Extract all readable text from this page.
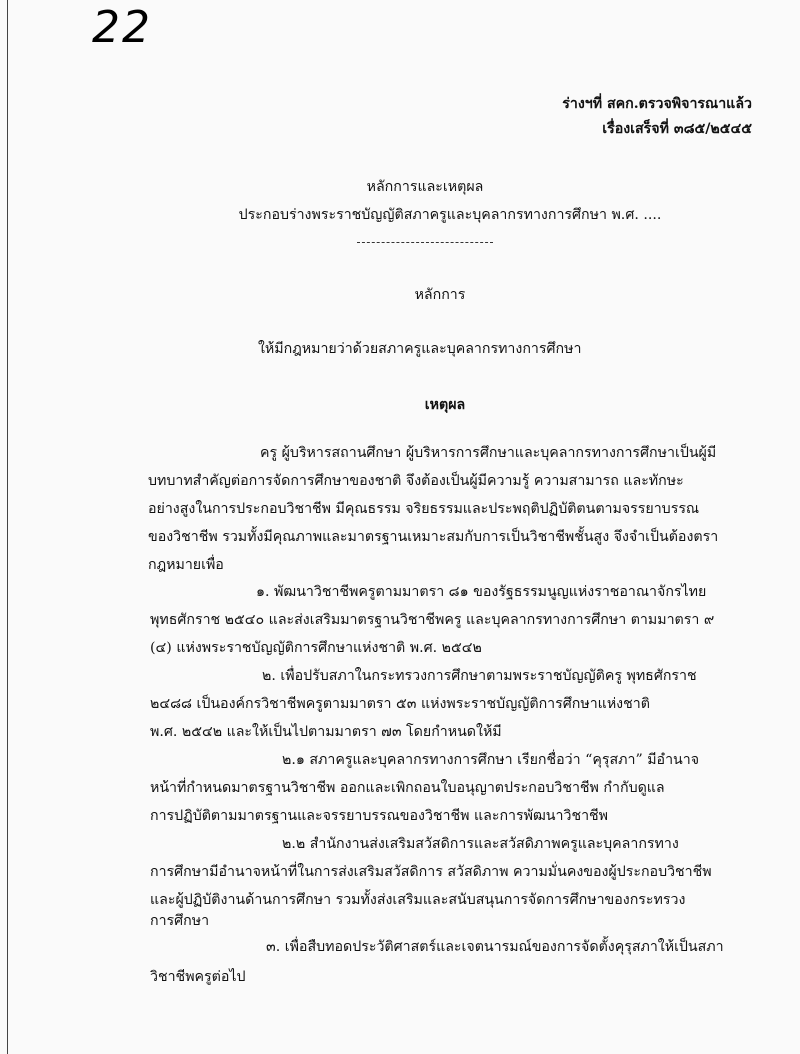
22
ร่างฯที่ สคก.ตรวจพิจารณาแล้ว
เรื่องเสร็จที่ ๓๘๕/๒๕๔๕
หลักการและเหตุผล
ประกอบร่างพระราชบัญญัติสภาครูและบุคลากรทางการศึกษา พ.ศ. ....
หลักการ
ให้มีกฎหมายว่าด้วยสภาครูและบุคลากรทางการศึกษา
เหตุผล
ครู ผู้บริหารสถานศึกษา ผู้บริหารการศึกษาและบุคลากรทางการศึกษาเป็นผู้มี
บทบาทสำคัญต่อการจัดการศึกษาของชาติ จึงต้องเป็นผู้มีความรู้ ความสามารถ และทักษะ
อย่างสูงในการประกอบวิชาชีพ มีคุณธรรม จริยธรรมและประพฤติปฏิบัติตนตามจรรยาบรรณ
ของวิชาชีพ รวมทั้งมีคุณภาพและมาตรฐานเหมาะสมกับการเป็นวิชาชีพชั้นสูง จึงจำเป็นต้องตรา
กฎหมายเพื่อ
๑. พัฒนาวิชาชีพครูตามมาตรา ๘๑ ของรัฐธรรมนูญแห่งราชอาณาจักรไทย
พุทธศักราช ๒๕๔๐ และส่งเสริมมาตรฐานวิชาชีพครู และบุคลากรทางการศึกษา ตามมาตรา ๙
(๔) แห่งพระราชบัญญัติการศึกษาแห่งชาติ พ.ศ. ๒๕๔๒
๒. เพื่อปรับสภาในกระทรวงการศึกษาตามพระราชบัญญัติครู พุทธศักราช
๒๔๘๘ เป็นองค์กรวิชาชีพครูตามมาตรา ๕๓ แห่งพระราชบัญญัติการศึกษาแห่งชาติ
พ.ศ. ๒๕๔๒ และให้เป็นไปตามมาตรา ๗๓ โดยกำหนดให้มี
๒.๑ สภาครูและบุคลากรทางการศึกษา เรียกชื่อว่า “คุรุสภา” มีอำนาจ
หน้าที่กำหนดมาตรฐานวิชาชีพ ออกและเพิกถอนใบอนุญาตประกอบวิชาชีพ กำกับดูแล
การปฏิบัติตามมาตรฐานและจรรยาบรรณของวิชาชีพ และการพัฒนาวิชาชีพ
๒.๒ สำนักงานส่งเสริมสวัสดิการและสวัสดิภาพครูและบุคลากรทาง
การศึกษามีอำนาจหน้าที่ในการส่งเสริมสวัสดิการ สวัสดิภาพ ความมั่นคงของผู้ประกอบวิชาชีพ
และผู้ปฏิบัติงานด้านการศึกษา รวมทั้งส่งเสริมและสนับสนุนการจัดการศึกษาของกระทรวง
การศึกษา
๓. เพื่อสืบทอดประวัติศาสตร์และเจตนารมณ์ของการจัดตั้งคุรุสภาให้เป็นสภา
วิชาชีพครูต่อไป
